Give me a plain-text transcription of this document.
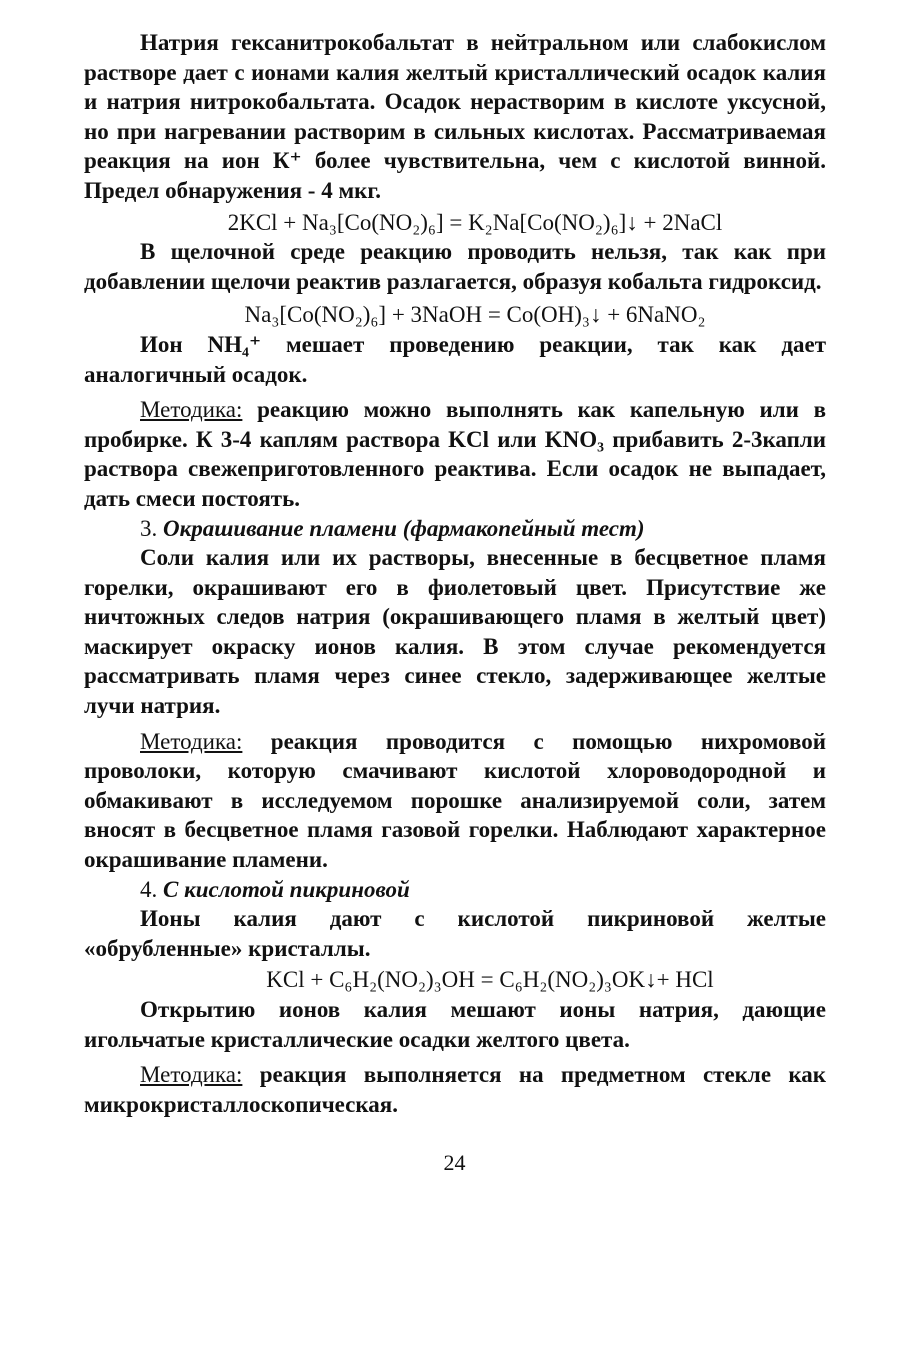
Натрия гексанитрокобальтат в нейтральном или слабокислом растворе дает с ионами калия желтый кристаллический осадок калия и натрия нитрокобальтата. Осадок нерастворим в кислоте уксусной, но при нагревании растворим в сильных кислотах. Рассматриваемая реакция на ион К⁺ более чувствительна, чем с кислотой винной. Предел обнаружения - 4 мкг.

2KCl + Na₃[Co(NO₂)₆] = K₂Na[Co(NO₂)₆]↓ + 2NaCl

В щелочной среде реакцию проводить нельзя, так как при добавлении щелочи реактив разлагается, образуя кобальта гидроксид.

Na₃[Co(NO₂)₆] + 3NaOH = Co(OH)₃↓ + 6NaNO₂

Ион NH₄⁺ мешает проведению реакции, так как дает аналогичный осадок.

Методика: реакцию можно выполнять как капельную или в пробирке. К 3-4 каплям раствора KCl или KNO₃ прибавить 2-3капли раствора свежеприготовленного реактива. Если осадок не выпадает, дать смеси постоять.

3. Окрашивание пламени (фармакопейный тест)

Соли калия или их растворы, внесенные в бесцветное пламя горелки, окрашивают его в фиолетовый цвет. Присутствие же ничтожных следов натрия (окрашивающего пламя в желтый цвет) маскирует окраску ионов калия. В этом случае рекомендуется рассматривать пламя через синее стекло, задерживающее желтые лучи натрия.

Методика: реакция проводится с помощью нихромовой проволоки, которую смачивают кислотой хлороводородной и обмакивают в исследуемом порошке анализируемой соли, затем вносят в бесцветное пламя газовой горелки. Наблюдают характерное окрашивание пламени.

4. С кислотой пикриновой

Ионы калия дают с кислотой пикриновой желтые «обрубленные» кристаллы.

KCl + C₆H₂(NO₂)₃OH = C₆H₂(NO₂)₃OK↓+ HCl

Открытию ионов калия мешают ионы натрия, дающие игольчатые кристаллические осадки желтого цвета.

Методика: реакция выполняется на предметном стекле как микрокристаллоскопическая.

24
